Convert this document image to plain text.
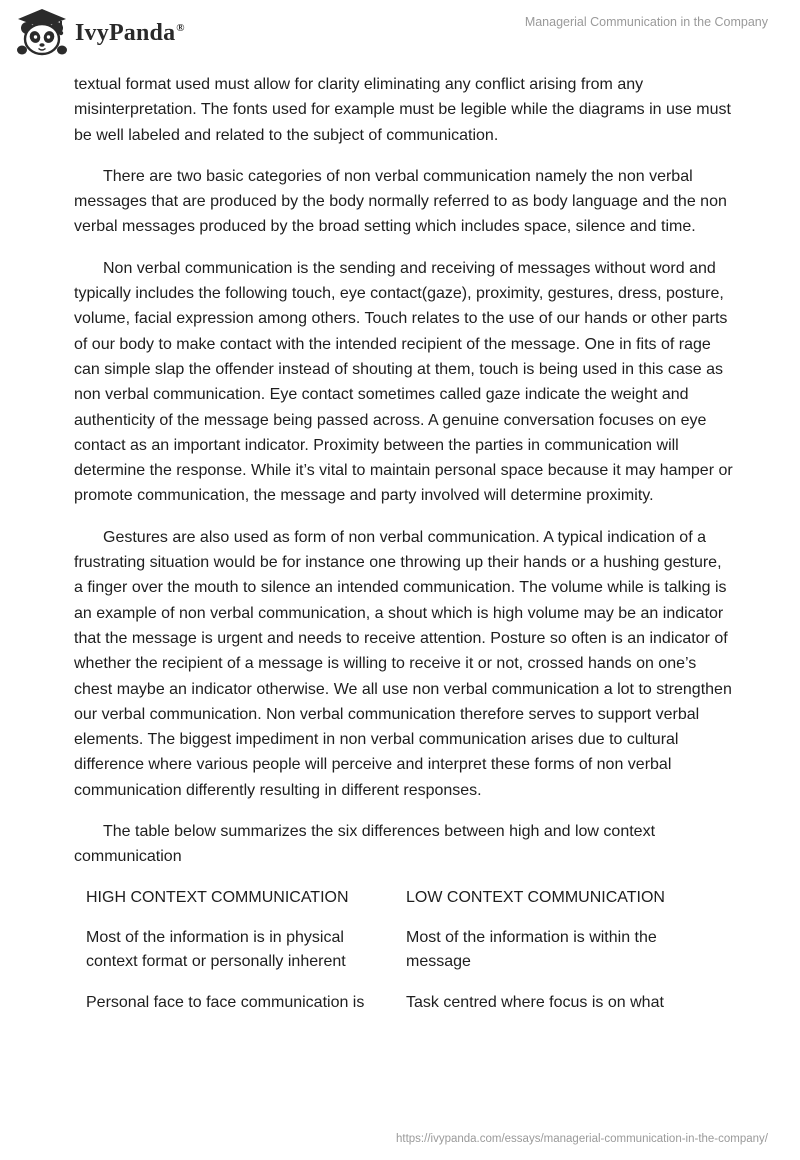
IvyPanda®	Managerial Communication in the Company

textual format used must allow for clarity eliminating any conflict arising from any misinterpretation. The fonts used for example must be legible while the diagrams in use must be well labeled and related to the subject of communication.

There are two basic categories of non verbal communication namely the non verbal messages that are produced by the body normally referred to as body language and the non verbal messages produced by the broad setting which includes space, silence and time.

Non verbal communication is the sending and receiving of messages without word and typically includes the following touch, eye contact(gaze), proximity, gestures, dress, posture, volume, facial expression among others. Touch relates to the use of our hands or other parts of our body to make contact with the intended recipient of the message. One in fits of rage can simple slap the offender instead of shouting at them, touch is being used in this case as non verbal communication. Eye contact sometimes called gaze indicate the weight and authenticity of the message being passed across. A genuine conversation focuses on eye contact as an important indicator. Proximity between the parties in communication will determine the response. While it’s vital to maintain personal space because it may hamper or promote communication, the message and party involved will determine proximity.

Gestures are also used as form of non verbal communication. A typical indication of a frustrating situation would be for instance one throwing up their hands or a hushing gesture, a finger over the mouth to silence an intended communication. The volume while is talking is an example of non verbal communication, a shout which is high volume may be an indicator that the message is urgent and needs to receive attention. Posture so often is an indicator of whether the recipient of a message is willing to receive it or not, crossed hands on one’s chest maybe an indicator otherwise. We all use non verbal communication a lot to strengthen our verbal communication. Non verbal communication therefore serves to support verbal elements. The biggest impediment in non verbal communication arises due to cultural difference where various people will perceive and interpret these forms of non verbal communication differently resulting in different responses.

The table below summarizes the six differences between high and low context communication

HIGH CONTEXT COMMUNICATION	LOW CONTEXT COMMUNICATION
Most of the information is in physical context format or personally inherent	Most of the information is within the message
Personal face to face communication is	Task centred where focus is on what
https://ivypanda.com/essays/managerial-communication-in-the-company/
